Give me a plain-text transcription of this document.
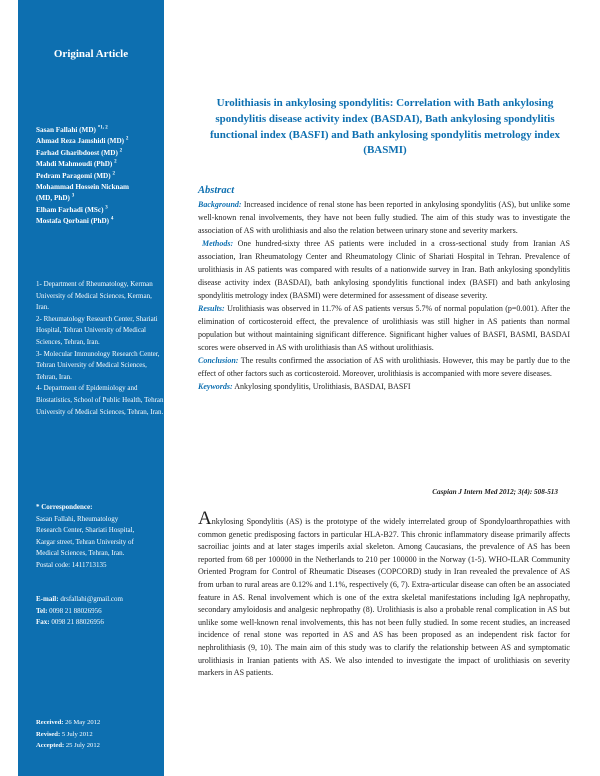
Original Article
Sasan Fallahi (MD) $^{*1, 2}$
Ahmad Reza Jamshidi (MD) $^2$
Farhad Gharibdoost (MD) $^2$
Mahdi Mahmoudi (PhD) $^2$
Pedram Paragomi (MD) $^2$
Mohammad Hossein Nicknam
(MD, PhD) $^3$
Elham Farhadi (MSc) $^3$
Mostafa Qorbani (PhD) $^4$
1- Department of Rheumatology, Kerman University of Medical Sciences, Kerman, Iran.
2- Rheumatology Research Center, Shariati Hospital, Tehran University of Medical Sciences, Tehran, Iran.
3- Molecular Immunology Research Center, Tehran University of Medical Sciences, Tehran, Iran.
4- Department of Epidemiology and Biostatistics, School of Public Health, Tehran University of Medical Sciences, Tehran, Iran.
* Correspondence:
Sasan Fallahi, Rheumatology
Research Center, Shariati Hospital,
Kargar street, Tehran University of
Medical Sciences, Tehran, Iran.
Postal code: 1411713135
E-mail: drsfallahi@gmail.com
Tel: 0098 21 88026956
Fax: 0098 21 88026956
Received: 26 May 2012
Revised: 5 July 2012
Accepted: 25 July 2012
Urolithiasis in ankylosing spondylitis: Correlation with Bath ankylosing spondylitis disease activity index (BASDAI), Bath ankylosing spondylitis functional index (BASFI) and Bath ankylosing spondylitis metrology index (BASMI)
Abstract

Background: Increased incidence of renal stone has been reported in ankylosing spondylitis (AS), but unlike some well-known renal involvements, they have not been fully studied. The aim of this study was to investigate the association of AS with urolithiasis and also the relation between urinary stone and severity markers.

Methods: One hundred-sixty three AS patients were included in a cross-sectional study from Iranian AS association, Iran Rheumatology Center and Rheumatology Clinic of Shariati Hospital in Tehran. Prevalence of urolithiasis in AS patients was compared with results of a nationwide survey in Iran. Bath ankylosing spondylitis disease activity index (BASDAI), bath ankylosing spondylitis functional index (BASFI) and bath ankylosing spondylitis metrology index (BASMI) were determined for assessment of disease severity.

Results: Urolithiasis was observed in 11.7% of AS patients versus 5.7% of normal population (p=0.001). After the elimination of corticosteroid effect, the prevalence of urolithiasis was still higher in AS patients than normal population but without maintaining significant difference. Significant higher values of BASFI, BASMI, BASDAI scores were observed in AS with urolithiasis than AS without urolithiasis.

Conclusion: The results confirmed the association of AS with urolithiasis. However, this may be partly due to the effect of other factors such as corticosteroid. Moreover, urolithiasis is accompanied with more severe diseases.

Keywords: Ankylosing spondylitis, Urolithiasis, BASDAI, BASFI

Caspian J Intern Med 2012; 3(4): 508-513
Ankylosing Spondylitis (AS) is the prototype of the widely interrelated group of Spondyloarthropathies with common genetic predisposing factors in particular HLA-B27. This chronic inflammatory disease primarily affects sacroiliac joints and at later stages imperils axial skeleton. Among Caucasians, the prevalence of AS has been reported from 68 per 100000 in the Netherlands to 210 per 100000 in the Norway (1-5). WHO-ILAR Community Oriented Program for Control of Rheumatic Diseases (COPCORD) study in Iran revealed the prevalence of AS from urban to rural areas are 0.12% and 1.1%, respectively (6, 7). Extra-articular disease can often be an associated feature in AS. Renal involvement which is one of the extra skeletal manifestations including IgA nephropathy, secondary amyloidosis and analgesic nephropathy (8). Urolithiasis is also a probable renal complication in AS but unlike some well-known renal involvements, this has not been fully studied. In some recent studies, an increased incidence of renal stone was reported in AS and AS has been proposed as an independent risk factor for nephrolithiasis (9, 10). The main aim of this study was to clarify the relationship between AS and symptomatic urolithiasis in Iranian patients with AS. We also intended to investigate the impact of urolithiasis on severity markers in AS patients.
